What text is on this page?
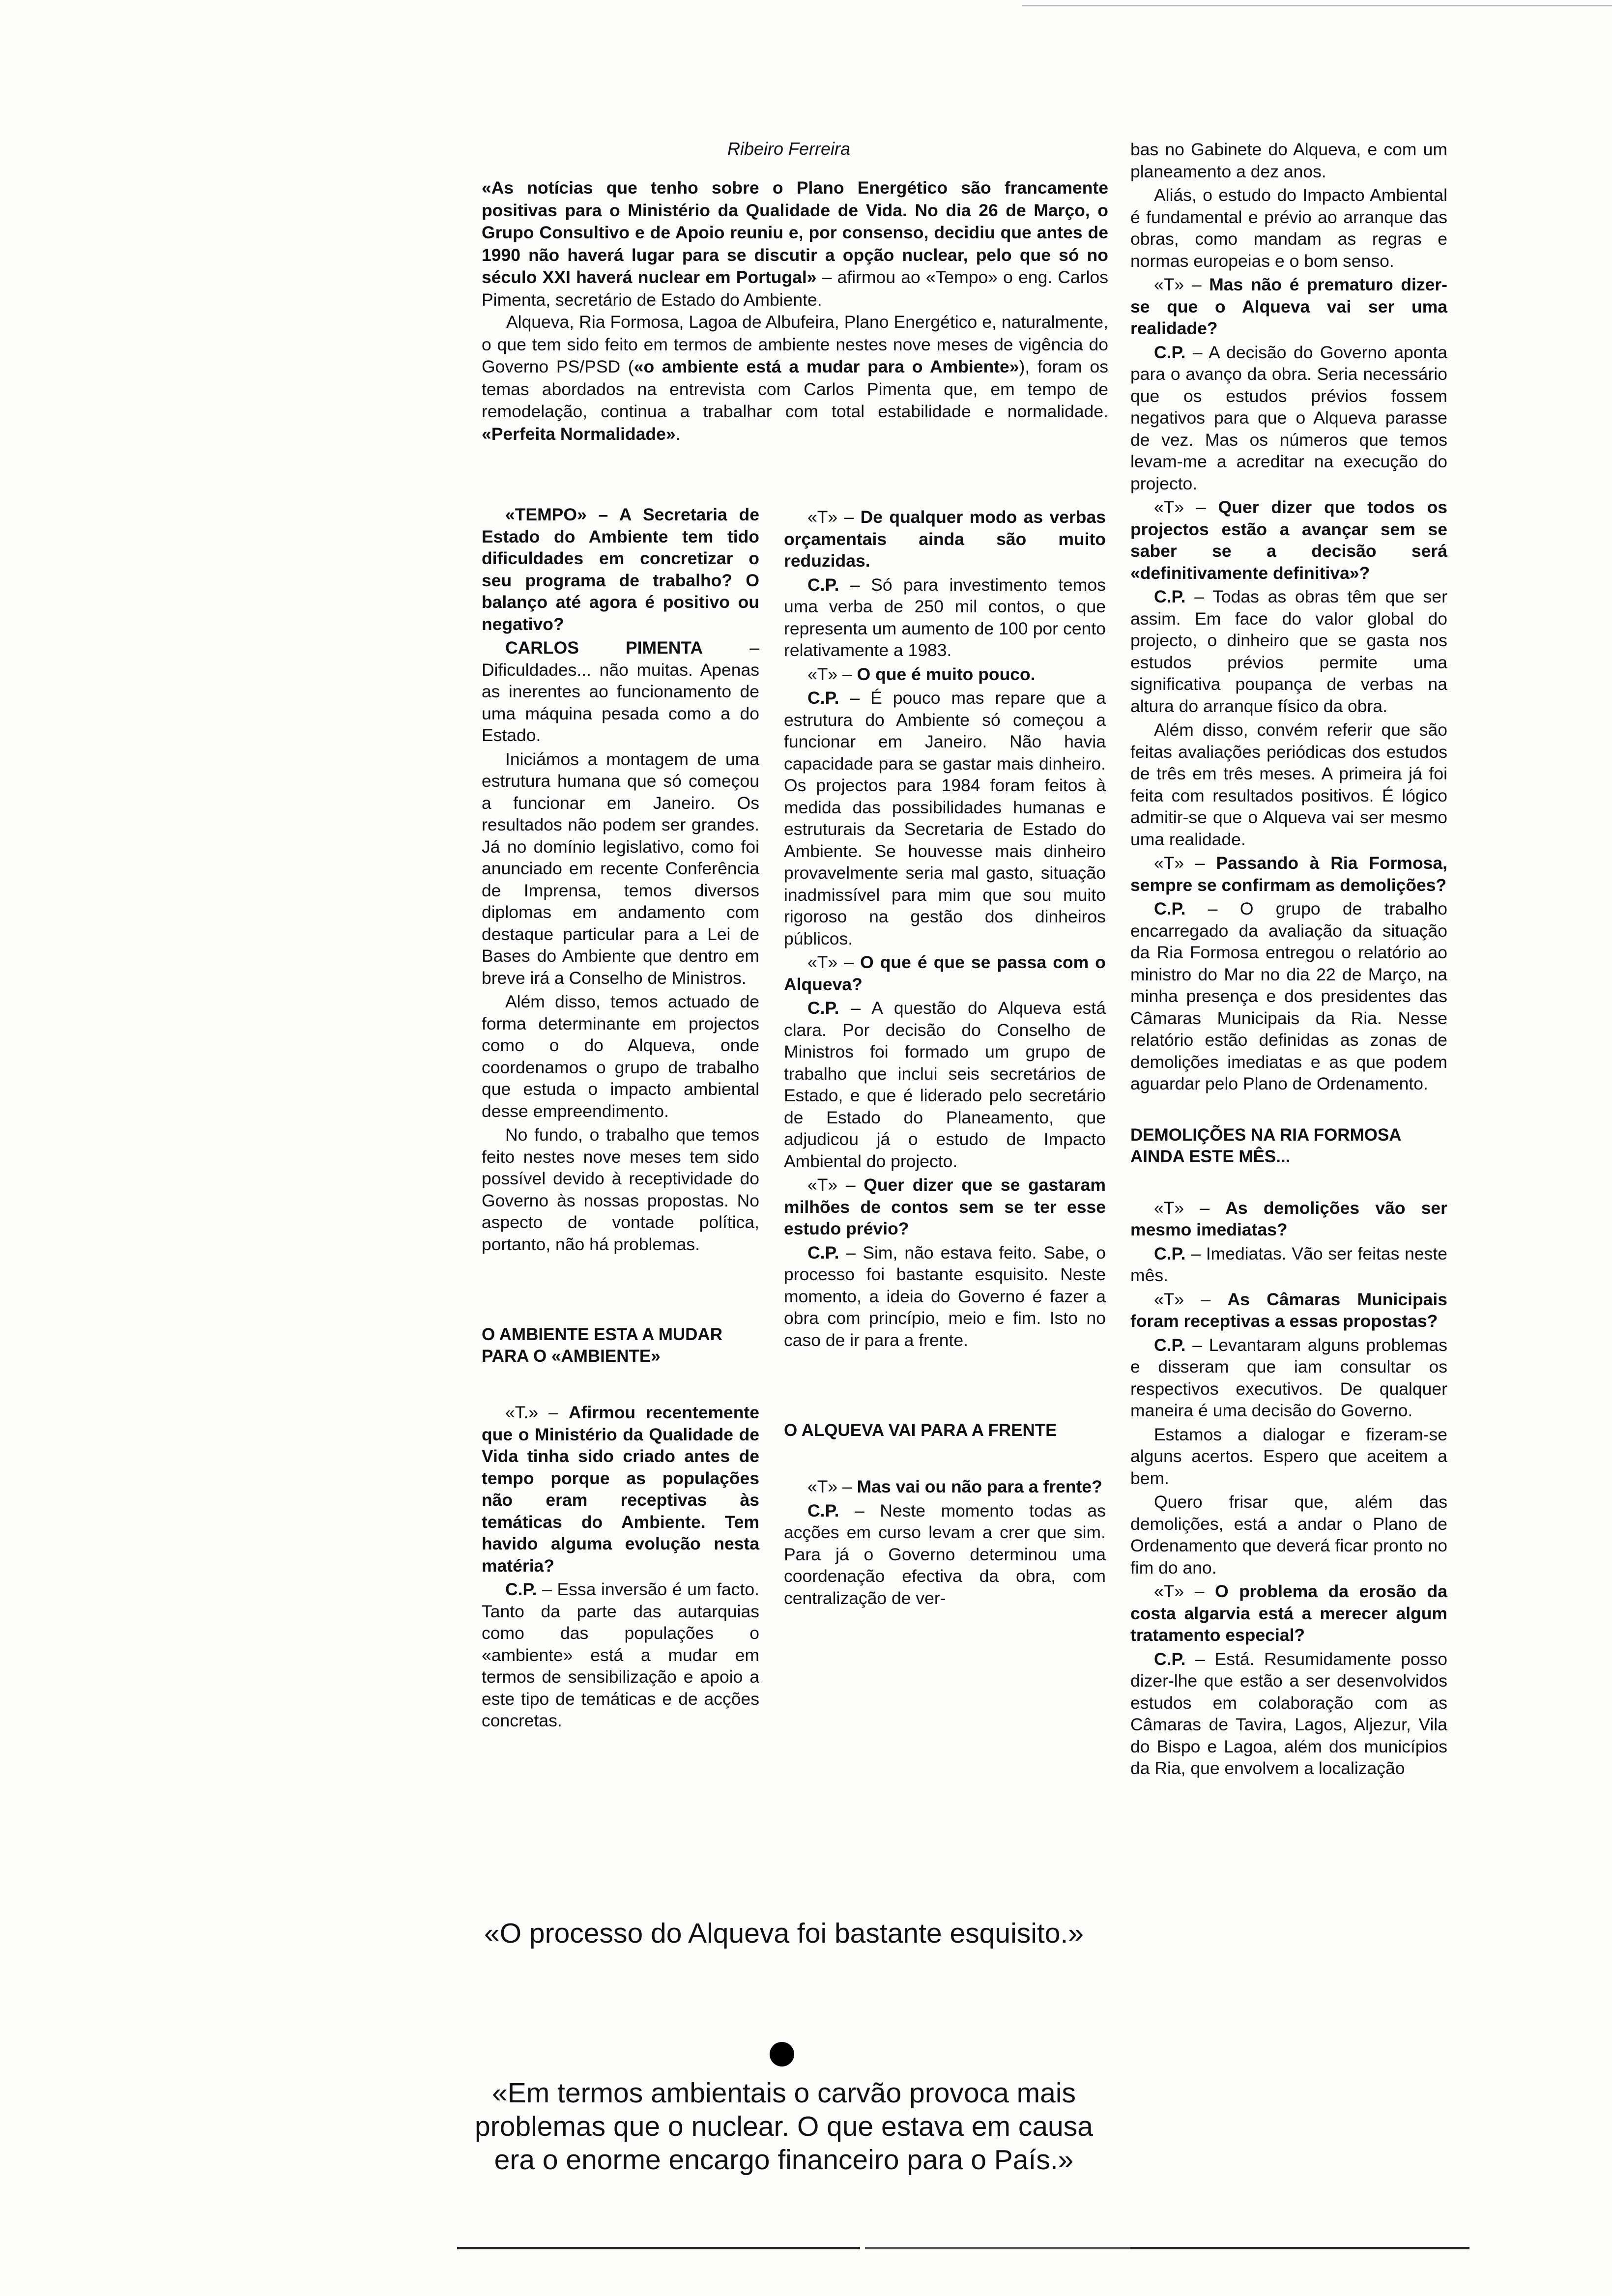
Ribeiro Ferreira

«As notícias que tenho sobre o Plano Energético são francamente positivas para o Ministério da Qualidade de Vida. No dia 26 de Março, o Grupo Consultivo e de Apoio reuniu e, por consenso, decidiu que antes de 1990 não haverá lugar para se discutir a opção nuclear, pelo que só no século XXI haverá nuclear em Portugal» – afirmou ao «Tempo» o eng. Carlos Pimenta, secretário de Estado do Ambiente.

Alqueva, Ria Formosa, Lagoa de Albufeira, Plano Energético e, naturalmente, o que tem sido feito em termos de ambiente nestes nove meses de vigência do Governo PS/PSD («o ambiente está a mudar para o Ambiente»), foram os temas abordados na entrevista com Carlos Pimenta que, em tempo de remodelação, continua a trabalhar com total estabilidade e normalidade. «Perfeita Normalidade».

«TEMPO» – A Secretaria de Estado do Ambiente tem tido dificuldades em concretizar o seu programa de trabalho? O balanço até agora é positivo ou negativo?

CARLOS PIMENTA – Dificuldades... não muitas. Apenas as inerentes ao funcionamento de uma máquina pesada como a do Estado.

Iniciámos a montagem de uma estrutura humana que só começou a funcionar em Janeiro. Os resultados não podem ser grandes. Já no domínio legislativo, como foi anunciado em recente Conferência de Imprensa, temos diversos diplomas em andamento com destaque particular para a Lei de Bases do Ambiente que dentro em breve irá a Conselho de Ministros.

Além disso, temos actuado de forma determinante em projectos como o do Alqueva, onde coordenamos o grupo de trabalho que estuda o impacto ambiental desse empreendimento.

No fundo, o trabalho que temos feito nestes nove meses tem sido possível devido à receptividade do Governo às nossas propostas. No aspecto de vontade política, portanto, não há problemas.

O AMBIENTE ESTA A MUDAR PARA O «AMBIENTE»

«T.» – Afirmou recentemente que o Ministério da Qualidade de Vida tinha sido criado antes de tempo porque as populações não eram receptivas às temáticas do Ambiente. Tem havido alguma evolução nesta matéria?

C.P. – Essa inversão é um facto. Tanto da parte das autarquias como das populações o «ambiente» está a mudar em termos de sensibilização e apoio a este tipo de temáticas e de acções concretas.

«T» – De qualquer modo as verbas orçamentais ainda são muito reduzidas.

C.P. – Só para investimento temos uma verba de 250 mil contos, o que representa um aumento de 100 por cento relativamente a 1983.

«T» – O que é muito pouco.

C.P. – É pouco mas repare que a estrutura do Ambiente só começou a funcionar em Janeiro. Não havia capacidade para se gastar mais dinheiro. Os projectos para 1984 foram feitos à medida das possibilidades humanas e estruturais da Secretaria de Estado do Ambiente. Se houvesse mais dinheiro provavelmente seria mal gasto, situação inadmissível para mim que sou muito rigoroso na gestão dos dinheiros públicos.

«T» – O que é que se passa com o Alqueva?

C.P. – A questão do Alqueva está clara. Por decisão do Conselho de Ministros foi formado um grupo de trabalho que inclui seis secretários de Estado, e que é liderado pelo secretário de Estado do Planeamento, que adjudicou já o estudo de Impacto Ambiental do projecto.

«T» – Quer dizer que se gastaram milhões de contos sem se ter esse estudo prévio?

C.P. – Sim, não estava feito. Sabe, o processo foi bastante esquisito. Neste momento, a ideia do Governo é fazer a obra com princípio, meio e fim. Isto no caso de ir para a frente.

O ALQUEVA VAI PARA A FRENTE

«T» – Mas vai ou não para a frente?

C.P. – Neste momento todas as acções em curso levam a crer que sim. Para já o Governo determinou uma coordenação efectiva da obra, com centralização de ver-

bas no Gabinete do Alqueva, e com um planeamento a dez anos.

Aliás, o estudo do Impacto Ambiental é fundamental e prévio ao arranque das obras, como mandam as regras e normas europeias e o bom senso.

«T» – Mas não é prematuro dizer-se que o Alqueva vai ser uma realidade?

C.P. – A decisão do Governo aponta para o avanço da obra. Seria necessário que os estudos prévios fossem negativos para que o Alqueva parasse de vez. Mas os números que temos levam-me a acreditar na execução do projecto.

«T» – Quer dizer que todos os projectos estão a avançar sem se saber se a decisão será «definitivamente definitiva»?

C.P. – Todas as obras têm que ser assim. Em face do valor global do projecto, o dinheiro que se gasta nos estudos prévios permite uma significativa poupança de verbas na altura do arranque físico da obra.

Além disso, convém referir que são feitas avaliações periódicas dos estudos de três em três meses. A primeira já foi feita com resultados positivos. É lógico admitir-se que o Alqueva vai ser mesmo uma realidade.

«T» – Passando à Ria Formosa, sempre se confirmam as demolições?

C.P. – O grupo de trabalho encarregado da avaliação da situação da Ria Formosa entregou o relatório ao ministro do Mar no dia 22 de Março, na minha presença e dos presidentes das Câmaras Municipais da Ria. Nesse relatório estão definidas as zonas de demolições imediatas e as que podem aguardar pelo Plano de Ordenamento.

DEMOLIÇÕES NA RIA FORMOSA AINDA ESTE MÊS...

«T» – As demolições vão ser mesmo imediatas?

C.P. – Imediatas. Vão ser feitas neste mês.

«T» – As Câmaras Municipais foram receptivas a essas propostas?

C.P. – Levantaram alguns problemas e disseram que iam consultar os respectivos executivos. De qualquer maneira é uma decisão do Governo.

Estamos a dialogar e fizeram-se alguns acertos. Espero que aceitem a bem.

Quero frisar que, além das demolições, está a andar o Plano de Ordenamento que deverá ficar pronto no fim do ano.

«T» – O problema da erosão da costa algarvia está a merecer algum tratamento especial?

C.P. – Está. Resumidamente posso dizer-lhe que estão a ser desenvolvidos estudos em colaboração com as Câmaras de Tavira, Lagos, Aljezur, Vila do Bispo e Lagoa, além dos municípios da Ria, que envolvem a localização

«O processo do Alqueva foi bastante esquisito.»
«Em termos ambientais o carvão provoca mais problemas que o nuclear. O que estava em causa era o enorme encargo financeiro para o País.»
